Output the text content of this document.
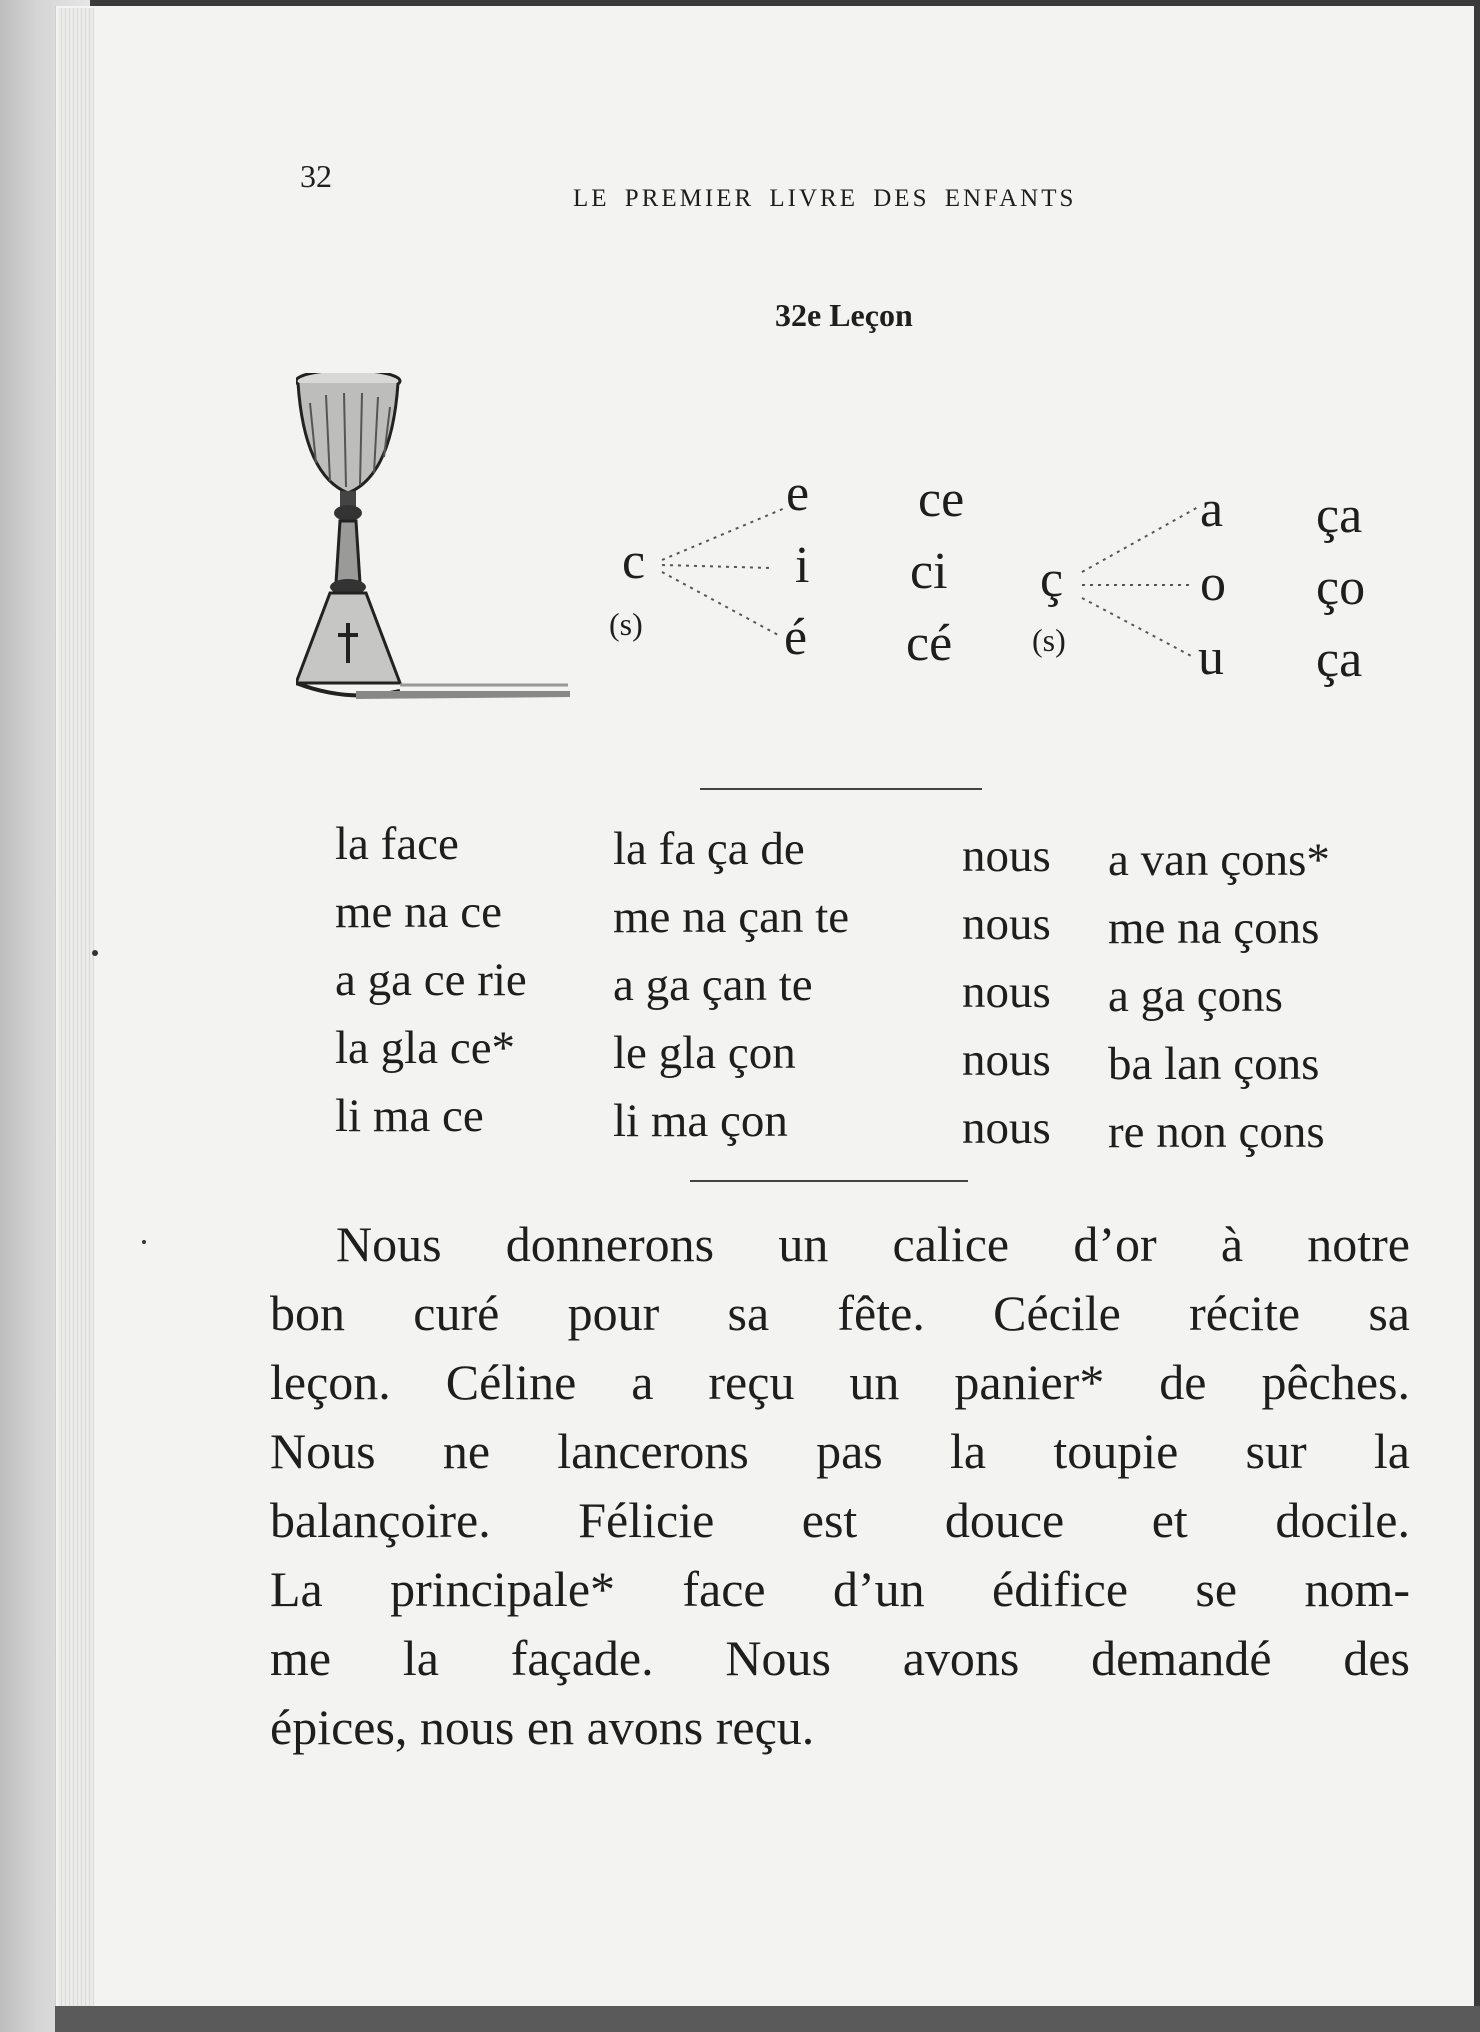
32
LE PREMIER LIVRE DES ENFANTS
32e Leçon
c
(s)
e
i
é
ce
ci
cé
ç
(s)
a
o
u
ça
ço
ça
la face
me na ce
a ga ce rie
la gla ce*
li ma ce
la fa ça de
me na çan te
a ga çan te
le gla çon
li ma çon
nous
nous
nous
nous
nous
a van çons*
me na çons
a ga çons
ba lan çons
re non çons
Nous donnerons un calice d’or à notre
bon curé pour sa fête. Cécile récite sa
leçon. Céline a reçu un panier* de pêches.
Nous ne lancerons pas la toupie sur la
balançoire. Félicie est douce et docile.
La principale* face d’un édifice se nom-
me la façade. Nous avons demandé des
épices, nous en avons reçu.
